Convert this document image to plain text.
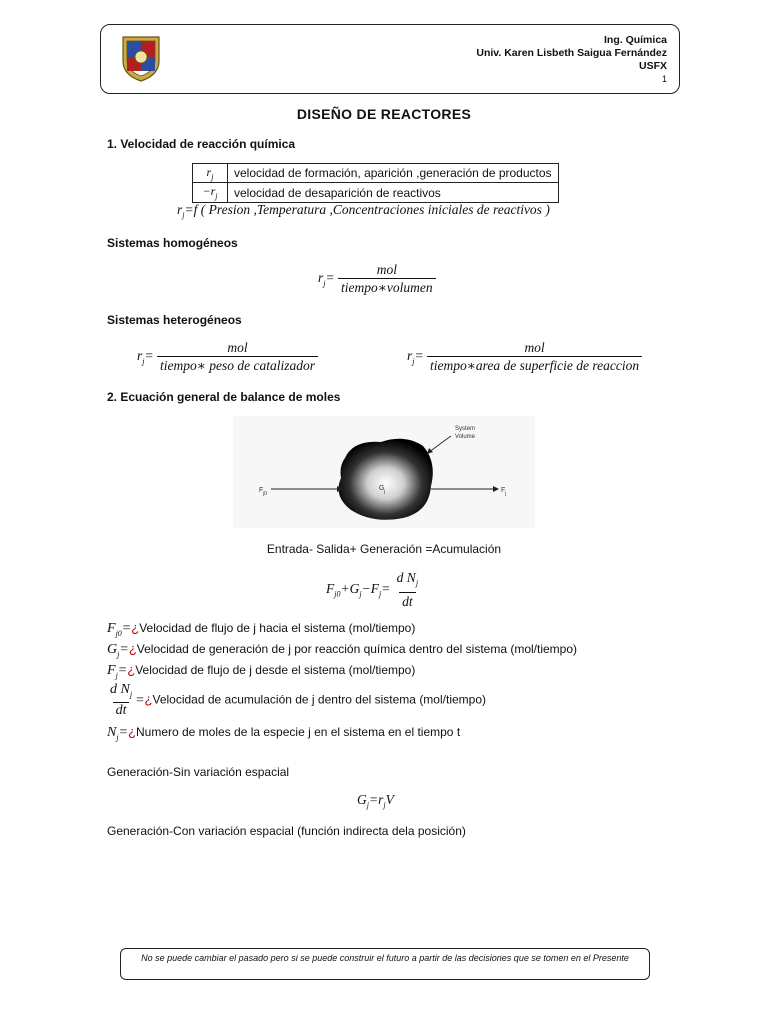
Ing. Química
Univ. Karen Lisbeth Saigua Fernández
USFX
1
DISEÑO DE REACTORES
1. Velocidad de reacción química
$r_j$	velocidad de formación, aparición ,generación de productos
$-r_j$	velocidad de desaparición de reactivos
$r_j=f$ ( Presion ,Temperatura ,Concentraciones iniciales de reactivos )
Sistemas homogéneos
$r_j= \frac{\text{mol}}{\text{tiempo∗volumen}}$
Sistemas heterogéneos
$r_j= \frac{\text{mol}}{\text{tiempo∗ peso de catalizador}}$	$r_j= \frac{\text{mol}}{\text{tiempo∗area de superficie de reaccion}}$
2. Ecuación general de balance de moles
System
Volume
F j0
G j	F j
Entrada- Salida+ Generación =Acumulación
$F_{j0}+G_j-F_j= \frac{d N_j}{dt}$
$F_{j0}=¿Velocidad$ de flujo de j hacia el sistema (mol/tiempo)
$G_j=¿Velocidad$ de generación de j por reacción química dentro del sistema (mol/tiempo)
$F_j=¿Velocidad$ de flujo de j desde el sistema (mol/tiempo)
$\frac{d N_j}{dt}$ =¿Velocidad de acumulación de j dentro del sistema (mol/tiempo)
$N_j=¿Numero$ de moles de la especie j en el sistema en el tiempo t
Generación-Sin variación espacial
$G_j=r_jV$
Generación-Con variación espacial (función indirecta dela posición)
No se puede cambiar el pasado pero si se puede construir el futuro a partir de las decisiones que se tomen en el Presente
